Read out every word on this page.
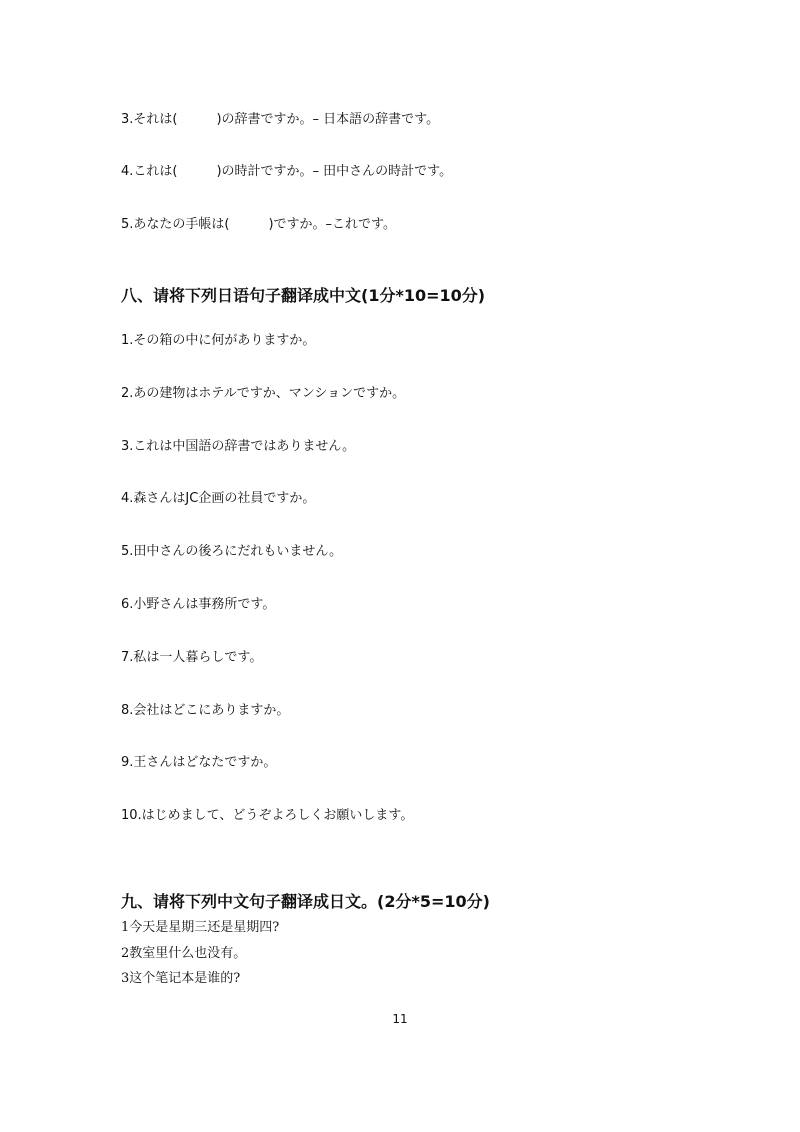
3.それは(　　　)の辞書ですか。– 日本語の辞書です。
4.これは(　　　)の時計ですか。– 田中さんの時計です。
5.あなたの手帳は(　　　)ですか。–これです。
八、请将下列日语句子翻译成中文(1分*10=10分)
1.その箱の中に何がありますか。
2.あの建物はホテルですか、マンションですか。
3.これは中国語の辞書ではありません。
4.森さんはJC企画の社員ですか。
5.田中さんの後ろにだれもいません。
6.小野さんは事務所です。
7.私は一人暮らしです。
8.会社はどこにありますか。
9.王さんはどなたですか。
10.はじめまして、どうぞよろしくお願いします。
九、请将下列中文句子翻译成日文。(2分*5=10分)
1今天是星期三还是星期四?
2教室里什么也没有。
3这个笔记本是谁的?
11
